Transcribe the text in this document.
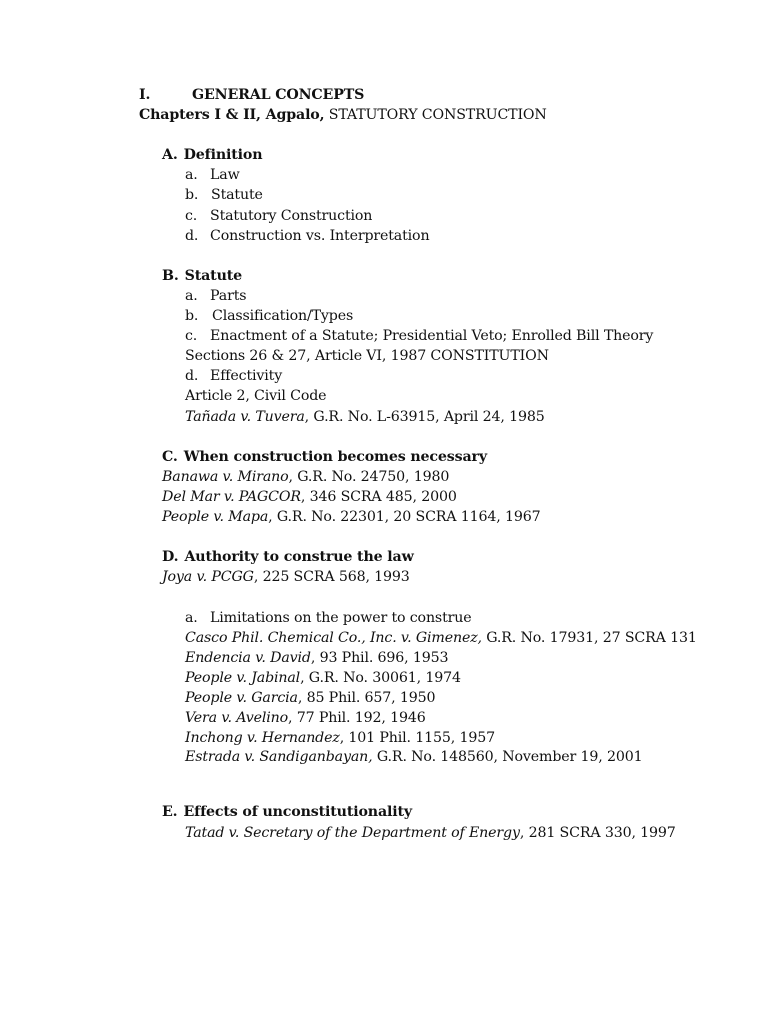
I.	GENERAL CONCEPTS
Chapters I & II, Agpalo, STATUTORY CONSTRUCTION
A. Definition
a. Law
b. Statute
c. Statutory Construction
d. Construction vs. Interpretation
B. Statute
a. Parts
b. Classification/Types
c. Enactment of a Statute; Presidential Veto; Enrolled Bill Theory
Sections 26 & 27, Article VI, 1987 CONSTITUTION
d. Effectivity
Article 2, Civil Code
Tañada v. Tuvera, G.R. No. L-63915, April 24, 1985
C. When construction becomes necessary
Banawa v. Mirano, G.R. No. 24750, 1980
Del Mar v. PAGCOR, 346 SCRA 485, 2000
People v. Mapa, G.R. No. 22301, 20 SCRA 1164, 1967
D. Authority to construe the law
Joya v. PCGG, 225 SCRA 568, 1993
a. Limitations on the power to construe
Casco Phil. Chemical Co., Inc. v. Gimenez, G.R. No. 17931, 27 SCRA 131
Endencia v. David, 93 Phil. 696, 1953
People v. Jabinal, G.R. No. 30061, 1974
People v. Garcia, 85 Phil. 657, 1950
Vera v. Avelino, 77 Phil. 192, 1946
Inchong v. Hernandez, 101 Phil. 1155, 1957
Estrada v. Sandiganbayan, G.R. No. 148560, November 19, 2001
E. Effects of unconstitutionality
Tatad v. Secretary of the Department of Energy, 281 SCRA 330, 1997
